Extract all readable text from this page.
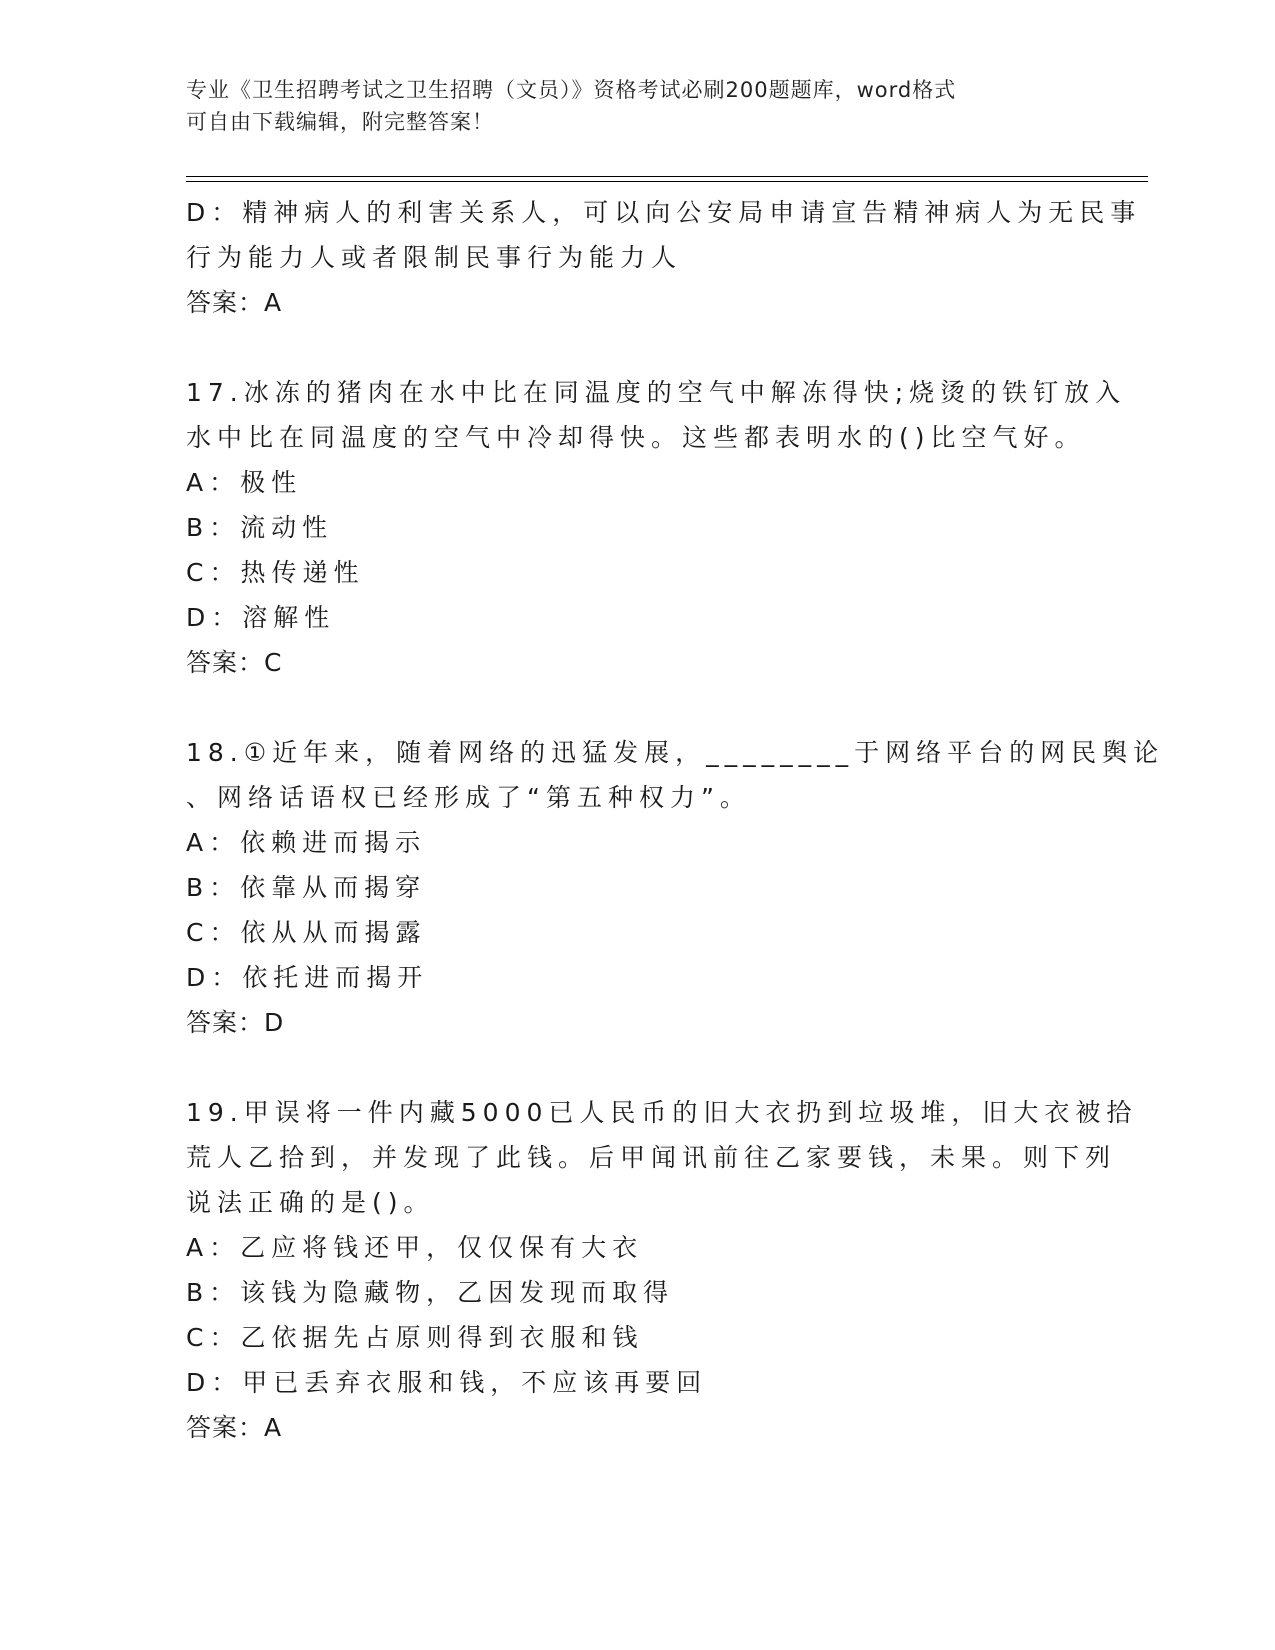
专业《卫生招聘考试之卫生招聘（文员）》资格考试必刷200题题库，word格式
可自由下载编辑，附完整答案！
D：精神病人的利害关系人，可以向公安局申请宣告精神病人为无民事
行为能力人或者限制民事行为能力人
答案：A
17.冰冻的猪肉在水中比在同温度的空气中解冻得快;烧烫的铁钉放入
水中比在同温度的空气中冷却得快。这些都表明水的()比空气好。
A：极性
B：流动性
C：热传递性
D：溶解性
答案：C
18.①近年来，随着网络的迅猛发展，________于网络平台的网民舆论
、网络话语权已经形成了“第五种权力”。
A：依赖进而揭示
B：依靠从而揭穿
C：依从从而揭露
D：依托进而揭开
答案：D
19.甲误将一件内藏5000已人民币的旧大衣扔到垃圾堆，旧大衣被拾
荒人乙拾到，并发现了此钱。后甲闻讯前往乙家要钱，未果。则下列
说法正确的是()。
A：乙应将钱还甲，仅仅保有大衣
B：该钱为隐藏物，乙因发现而取得
C：乙依据先占原则得到衣服和钱
D：甲已丢弃衣服和钱，不应该再要回
答案：A
